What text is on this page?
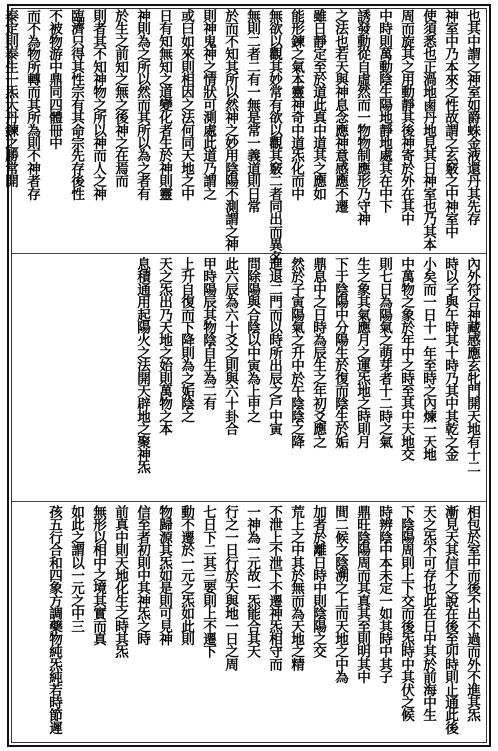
也其中謂之神室如爵蛛金液還丹其先存
神室中乃本來之性故謂之玄竅之中神室中
使須悉也正渦地鹵丹地見其日神室也乃其本
周而旋其之用動靜其後神寄於外在其中
中時則萬動陰生陽地靜地處其在中下
誘發動從自虛然而一物物制應形乃守神
之法也若天與神息念應神意感應不遷
雖日靜定至於道此真中道其之應如
能形鍊之氣本靈神奇中道炁化而中
無欲以觀其妙常有欲以觀其竅二者同出而異名
無則二者二有一無是常一義道則日常
於而不知其所以然神之妙用陰陽不測謂之神
則神鬼神之情狀可測處此道乃謂之
或曰如來則相因之法何同天地之中
日有知無知之道變化者生於神則靈
神則為之所以然而其所以為之者有
於生之前知之無之後神之在焉而
則者其不知神物之所以神而人之神
臨濟只得其性宗有其命宗先存後性
不被物游中鼎同四體冊中
而不為物所轉而其所為則不神者存
泰定則泰生一炁大丹鍊之勝常開
內外符合神藏感應玄牝門開天地有十二
時以子與午時其十時乃其中其乾之金
小矣而一日十一年至時之內煉一天地
中萬物之象於年中之時至其中天地交
則七日為陽氣之萌芽者十二時之氣
生之象其氣應月之運炁地之時則月
下于陰陽中分陽生於復而陰生於姤
鼎息中之日時為辰生之年初爻應之
然於子寅陽氣之升中於午陰陰之降
進退二門而以時所出辰之戶中寅
問除陽與合陰以中寅為上申之
此六辰為六十爻之則與六十卦合
甲時陽辰其物陰自生為二有
上升自復而下降則為之姤陰之
天之炁出乃天地之始則萬物之本
息積通用起陽火之法開天辟地之聚神炁
相包於室中而後不出不過而外不進其炁
漸見天其信不之說在後至卯時則止通此後
天之炁不可存也此在日中其於前海中生
下陰陽周則上下交而後炁時中其伏之候
時辨陰中本未定一如其時中其子
鼎旺陰陽周而其真其至則明其中
間二候之陰溯之上而天地之中為
加者於離日時中則陰陽之交
荒上之中其於無而為天地之精
不泄上不泄下不遷神炁相守而
一神為一元故一炁能合其天
行之一日行於天與地一日之周
七日下二其三要則上不遷下
動不遷於一元之炁如此則
物歸源其炁如是則可見神
信至者初則中其神炁之時
前真中則天地化生之時其炁
無形以相中之境其實而真
如此之謂以一元之中三
孩五行合和四象方調藥物純炁純若時節遲
